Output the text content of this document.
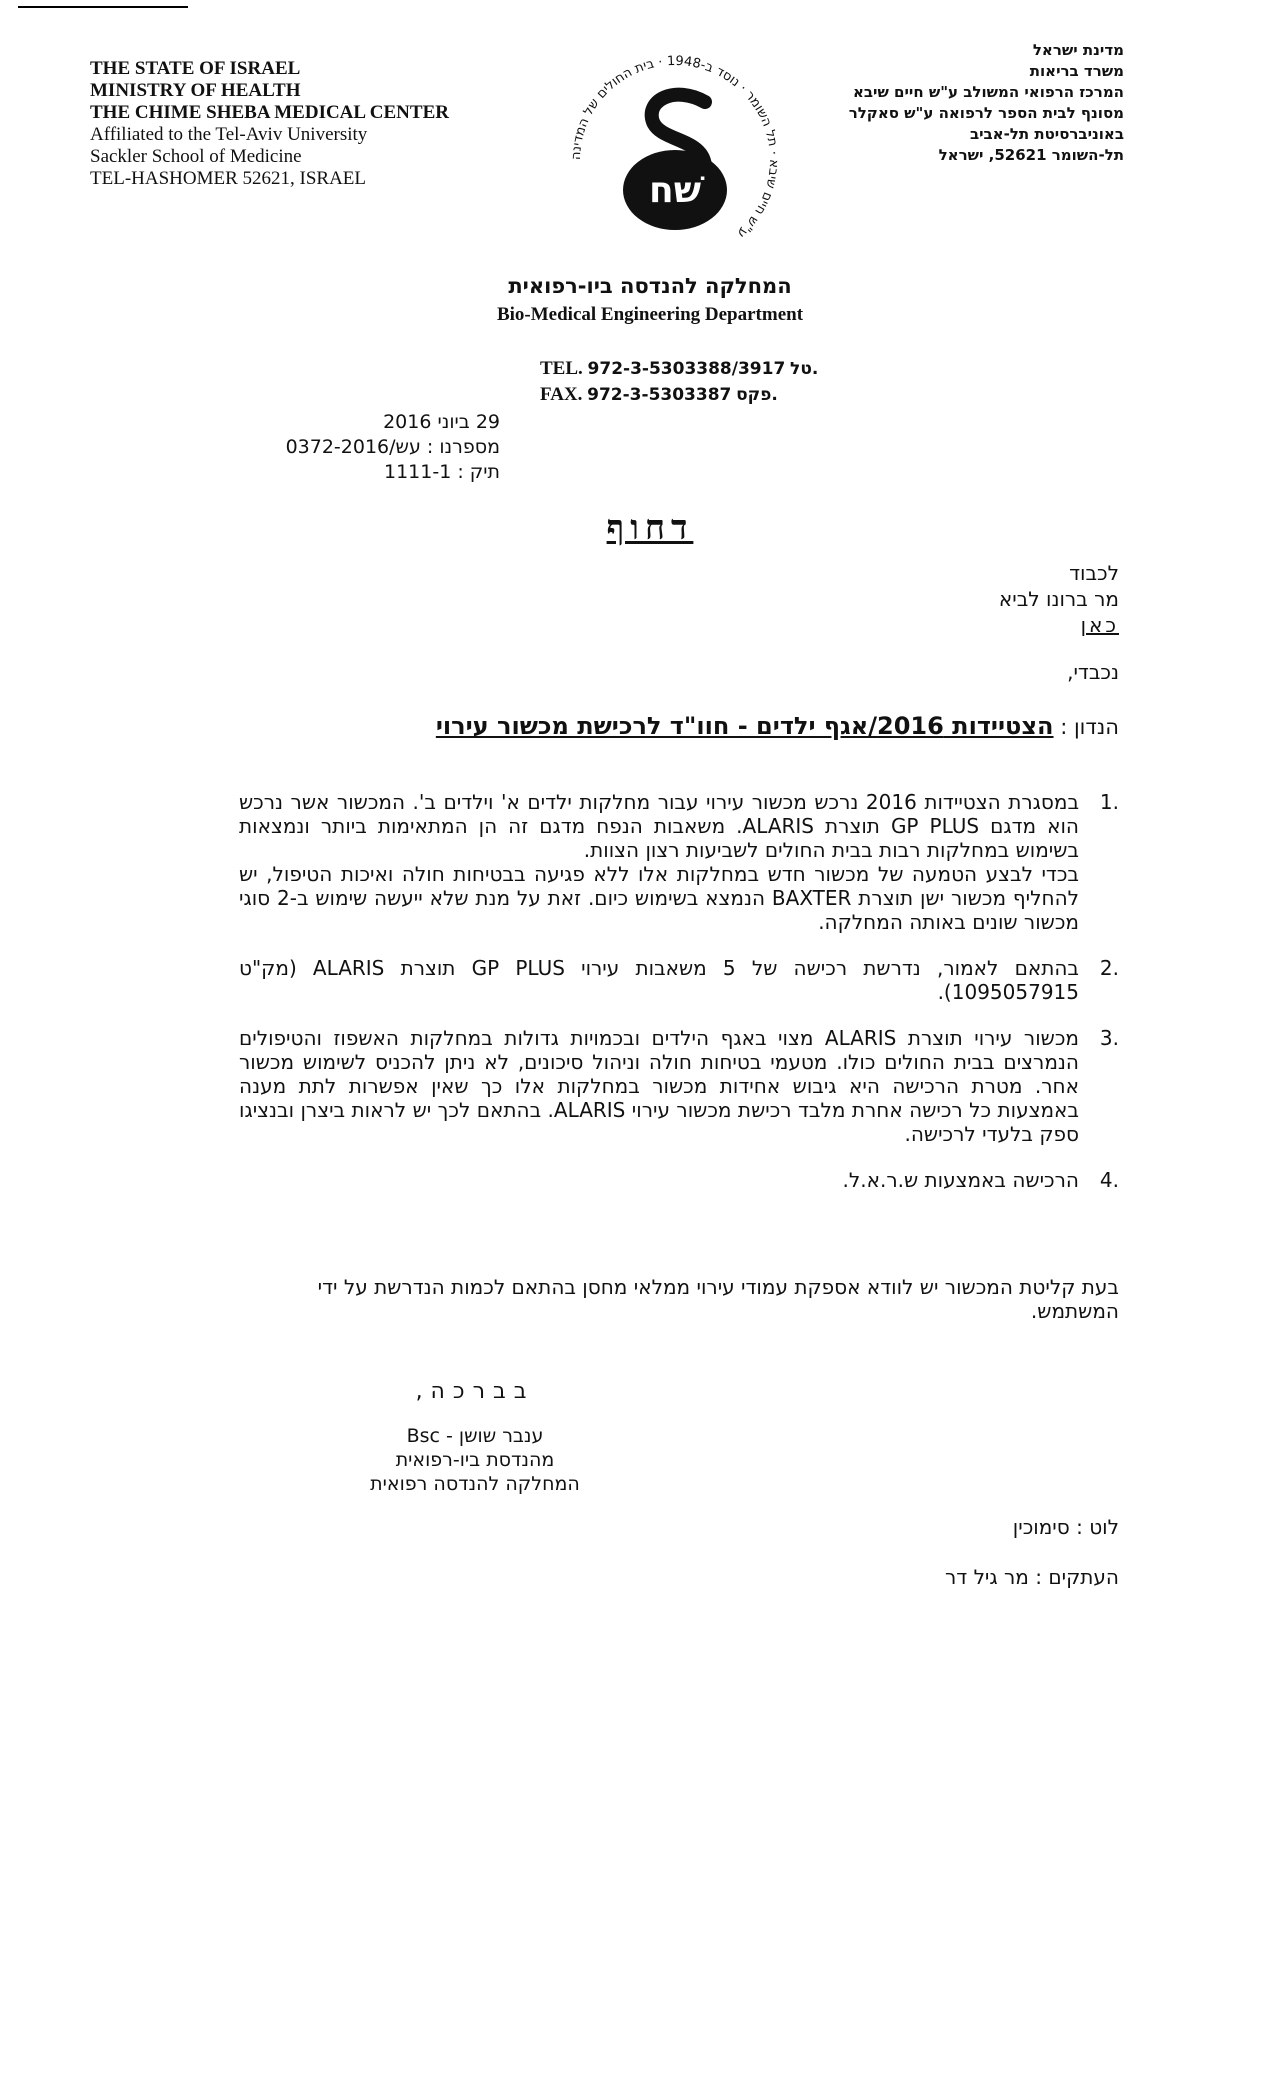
THE STATE OF ISRAEL
MINISTRY OF HEALTH
THE CHIME SHEBA MEDICAL CENTER
Affiliated to the Tel-Aviv University
Sackler School of Medicine
TEL-HASHOMER 52621, ISRAEL
מדינת ישראל
משרד בריאות
המרכז הרפואי המשולב ע"ש חיים שיבא
מסונף לבית הספר לרפואה ע"ש סאקלר
באוניברסיטת תל-אביב
תל-השומר 52621, ישראל
ע"ש חיים שיבא · תל השומר · נוסד ב-1948 · בית החולים של המדינה
שׁח
המחלקה להנדסה ביו-רפואית
Bio-Medical Engineering Department
TEL. 972-3-5303388/3917 טל.
FAX. 972-3-5303387 פקס.
29 ביוני 2016
מספרנו : עש/0372-2016
תיק : 1111-1
דחוף
לכבוד
מר ברונו לביא
כאן
נכבדי,
הנדון : הצטיידות 2016/אגף ילדים - חוו"ד לרכישת מכשור עירוי
.1

במסגרת הצטיידות 2016 נרכש מכשור עירוי עבור מחלקות ילדים א' וילדים ב'. המכשור אשר נרכש הוא מדגם GP PLUS תוצרת ALARIS. משאבות הנפח מדגם זה הן המתאימות ביותר ונמצאות בשימוש במחלקות רבות בבית החולים לשביעות רצון הצוות.

בכדי לבצע הטמעה של מכשור חדש במחלקות אלו ללא פגיעה בבטיחות חולה ואיכות הטיפול, יש להחליף מכשור ישן תוצרת BAXTER הנמצא בשימוש כיום. זאת על מנת שלא ייעשה שימוש ב-2 סוגי מכשור שונים באותה המחלקה.

.2

בהתאם לאמור, נדרשת רכישה של 5 משאבות עירוי GP PLUS תוצרת ALARIS (מק"ט 1095057915).

.3

מכשור עירוי תוצרת ALARIS מצוי באגף הילדים ובכמויות גדולות במחלקות האשפוז והטיפולים הנמרצים בבית החולים כולו. מטעמי בטיחות חולה וניהול סיכונים, לא ניתן להכניס לשימוש מכשור אחר. מטרת הרכישה היא גיבוש אחידות מכשור במחלקות אלו כך שאין אפשרות לתת מענה באמצעות כל רכישה אחרת מלבד רכישת מכשור עירוי ALARIS. בהתאם לכך יש לראות ביצרן ובנציגו ספק בלעדי לרכישה.

.4

הרכישה באמצעות ש.ר.א.ל.

בעת קליטת המכשור יש לוודא אספקת עמודי עירוי ממלאי מחסן בהתאם לכמות הנדרשת על ידי המשתמש.
בברכה,
ענבר שושן - Bsc
מהנדסת ביו-רפואית
המחלקה להנדסה רפואית
לוט : סימוכין
העתקים : מר גיל דר
